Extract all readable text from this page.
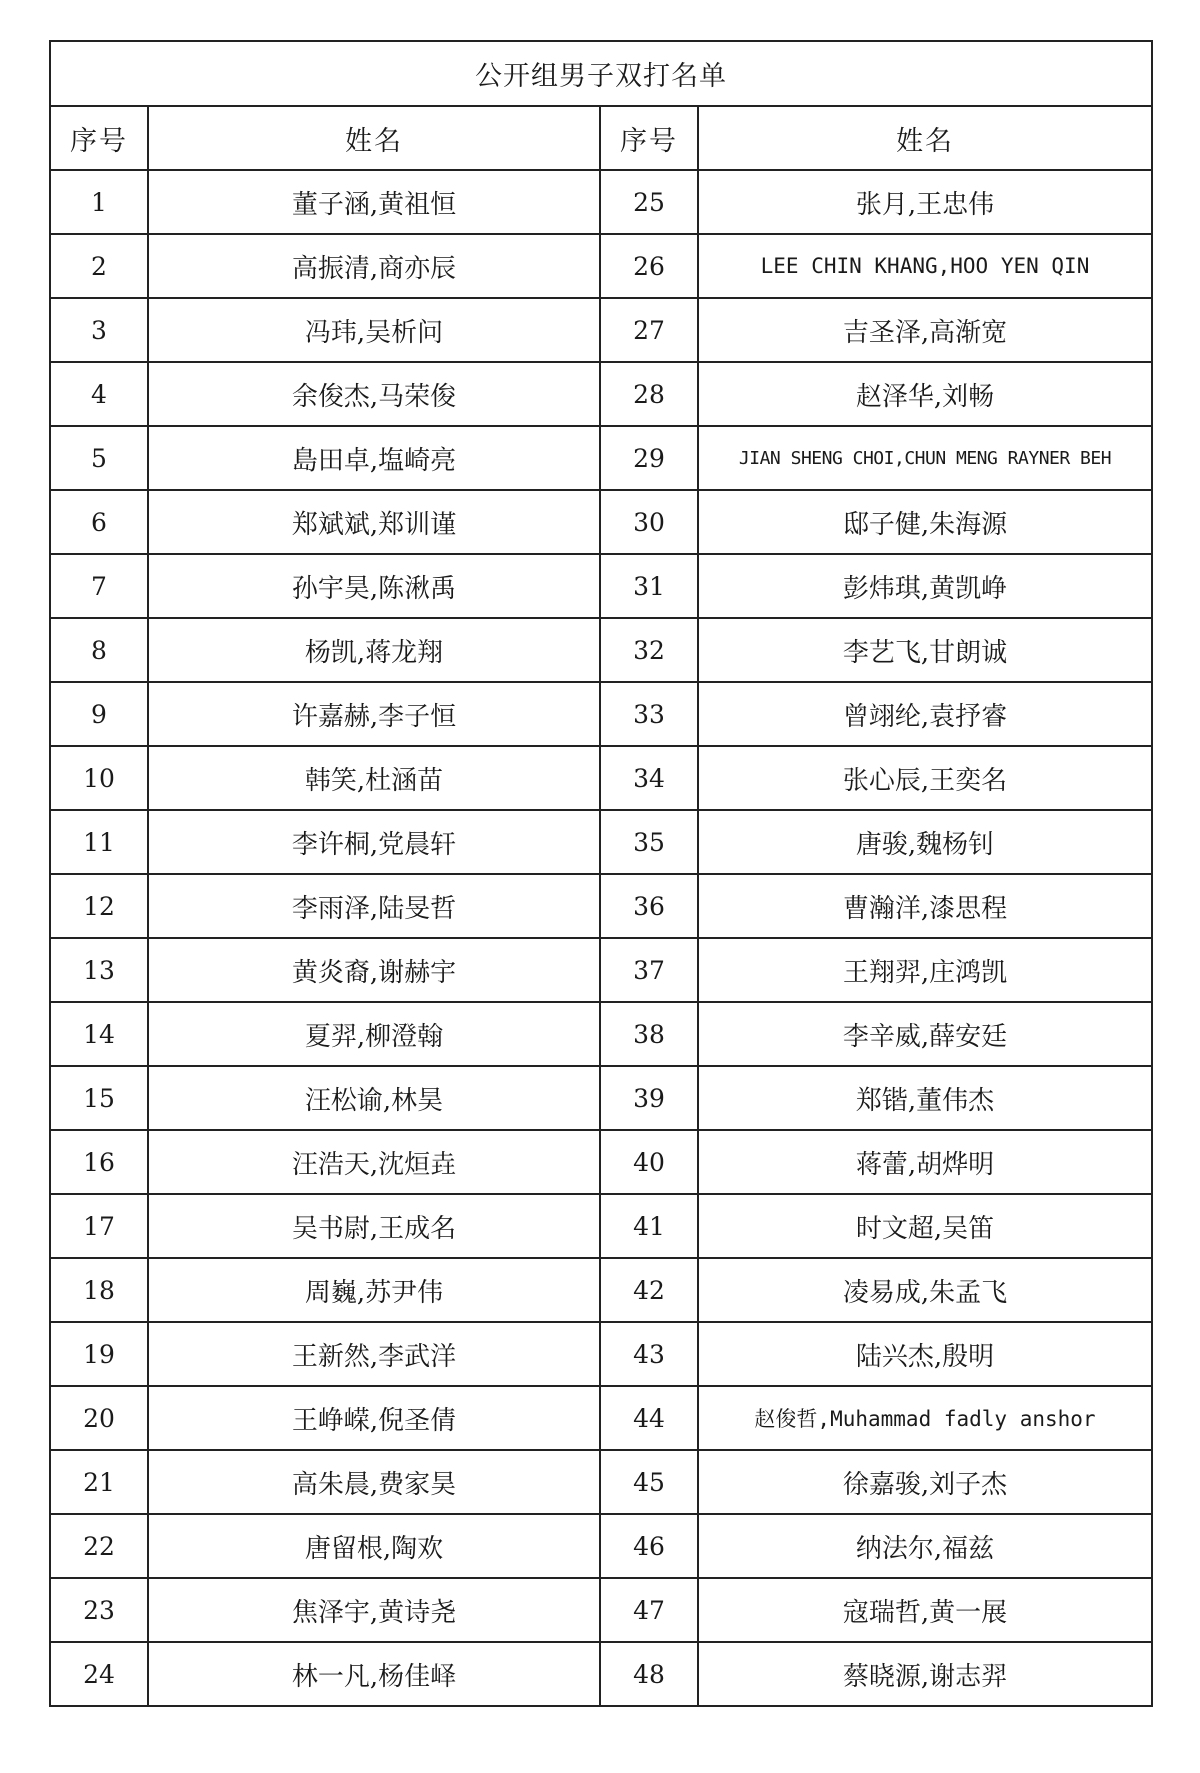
公开组男子双打名单			
序号	姓名	序号	姓名
1	董子涵,黄祖恒	25	张月,王忠伟
2	高振清,商亦辰	26	LEE CHIN KHANG,HOO YEN QIN
3	冯玮,吴析问	27	吉圣泽,高渐宽
4	余俊杰,马荣俊	28	赵泽华,刘畅
5	島田卓,塩崎亮	29	JIAN SHENG CHOI,CHUN MENG RAYNER BEH
6	郑斌斌,郑训谨	30	邸子健,朱海源
7	孙宇昊,陈湫禹	31	彭炜琪,黄凯峥
8	杨凯,蒋龙翔	32	李艺飞,甘朗诚
9	许嘉赫,李子恒	33	曾翊纶,袁抒睿
10	韩笑,杜涵苗	34	张心辰,王奕名
11	李许桐,党晨轩	35	唐骏,魏杨钊
12	李雨泽,陆旻哲	36	曹瀚洋,漆思程
13	黄炎裔,谢赫宇	37	王翔羿,庄鸿凯
14	夏羿,柳澄翰	38	李辛威,薛安廷
15	汪松谕,林昊	39	郑锴,董伟杰
16	汪浩天,沈烜垚	40	蒋蕾,胡烨明
17	吴书尉,王成名	41	时文超,吴笛
18	周巍,苏尹伟	42	凌易成,朱孟飞
19	王新然,李武洋	43	陆兴杰,殷明
20	王峥嵘,倪圣倩	44	赵俊哲,Muhammad fadly anshor
21	高朱晨,费家昊	45	徐嘉骏,刘子杰
22	唐留根,陶欢	46	纳法尔,福兹
23	焦泽宇,黄诗尧	47	寇瑞哲,黄一展
24	林一凡,杨佳峄	48	蔡晓源,谢志羿
